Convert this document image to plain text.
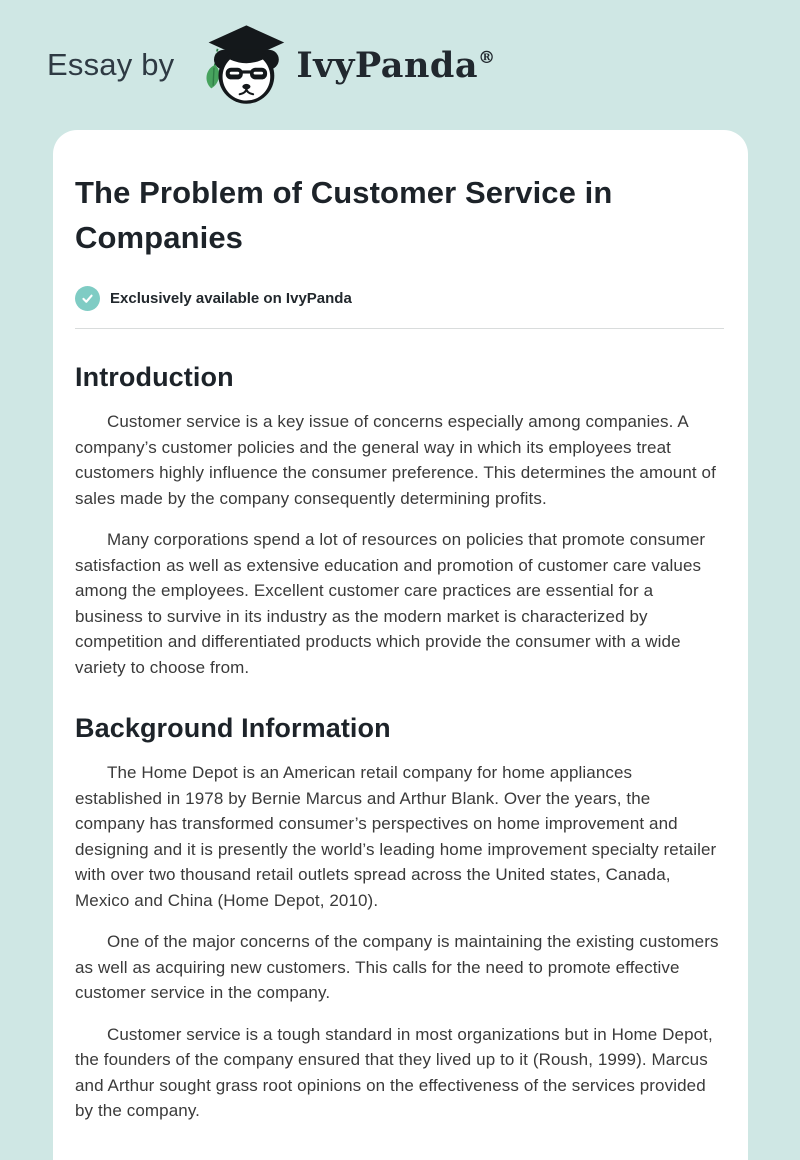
Essay by	IvyPanda®
The Problem of Customer Service in Companies
Exclusively available on IvyPanda
Introduction

Customer service is a key issue of concerns especially among companies. A company’s customer policies and the general way in which its employees treat customers highly influence the consumer preference. This determines the amount of sales made by the company consequently determining profits.

Many corporations spend a lot of resources on policies that promote consumer satisfaction as well as extensive education and promotion of customer care values among the employees. Excellent customer care practices are essential for a business to survive in its industry as the modern market is characterized by competition and differentiated products which provide the consumer with a wide variety to choose from.

Background Information

The Home Depot is an American retail company for home appliances established in 1978 by Bernie Marcus and Arthur Blank. Over the years, the company has transformed consumer’s perspectives on home improvement and designing and it is presently the world’s leading home improvement specialty retailer with over two thousand retail outlets spread across the United states, Canada, Mexico and China (Home Depot, 2010).

One of the major concerns of the company is maintaining the existing customers as well as acquiring new customers. This calls for the need to promote effective customer service in the company.

Customer service is a tough standard in most organizations but in Home Depot, the founders of the company ensured that they lived up to it (Roush, 1999). Marcus and Arthur sought grass root opinions on the effectiveness of the services provided by the company.
